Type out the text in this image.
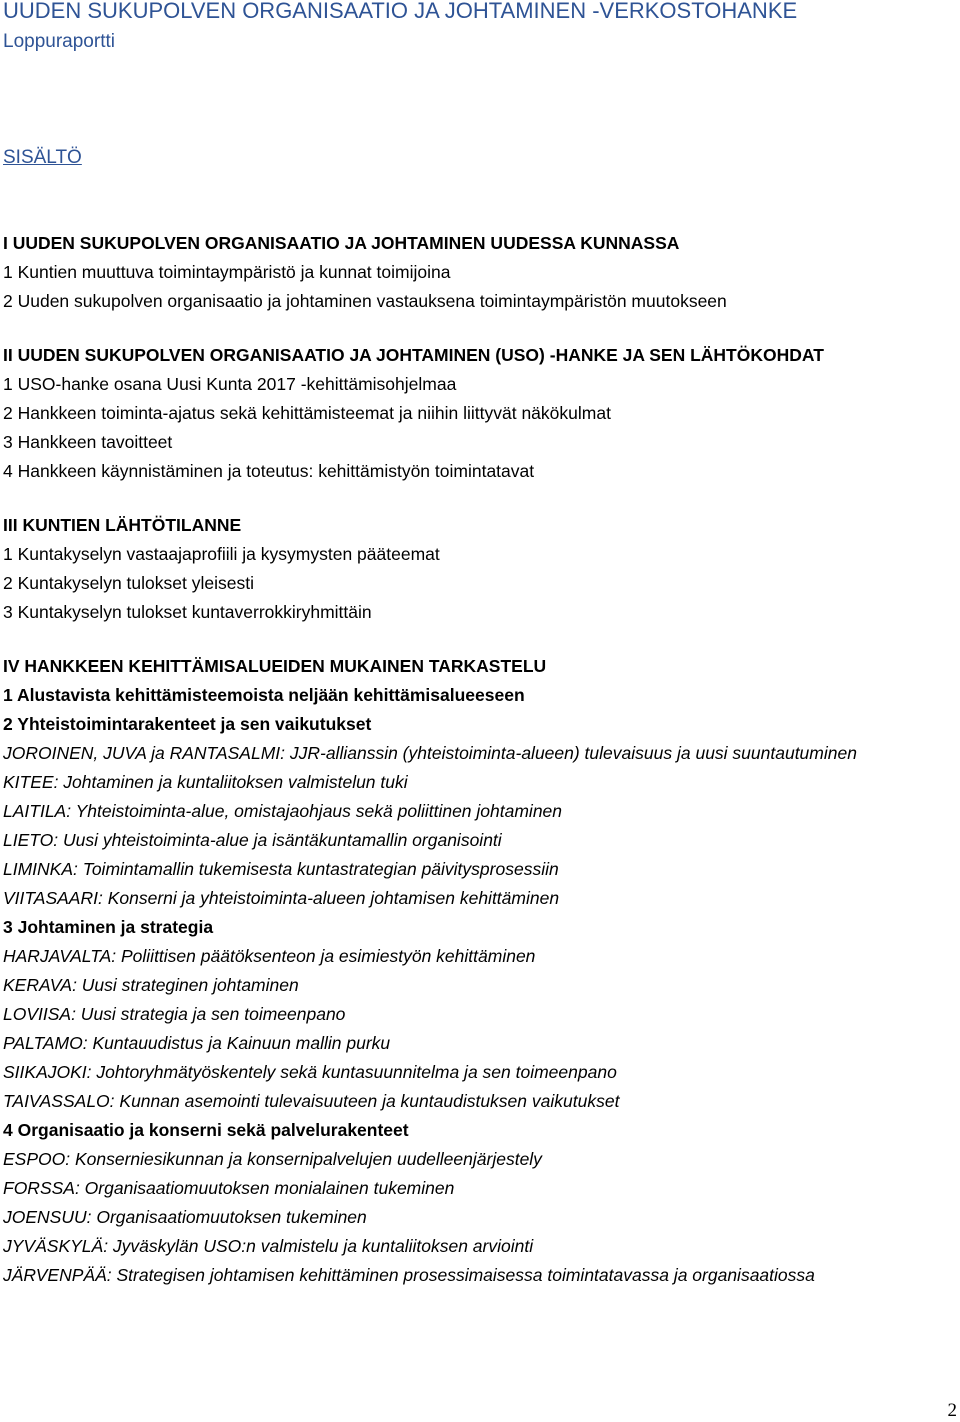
UUDEN SUKUPOLVEN ORGANISAATIO JA JOHTAMINEN -VERKOSTOHANKE
Loppuraportti
SISÄLTÖ
I UUDEN SUKUPOLVEN ORGANISAATIO JA JOHTAMINEN UUDESSA KUNNASSA
1 Kuntien muuttuva toimintaympäristö ja kunnat toimijoina
2 Uuden sukupolven organisaatio ja johtaminen vastauksena toimintaympäristön muutokseen
II UUDEN SUKUPOLVEN ORGANISAATIO JA JOHTAMINEN (USO) -HANKE JA SEN LÄHTÖKOHDAT
1 USO-hanke osana Uusi Kunta 2017 -kehittämisohjelmaa
2 Hankkeen toiminta-ajatus sekä kehittämisteemat ja niihin liittyvät näkökulmat
3 Hankkeen tavoitteet
4 Hankkeen käynnistäminen ja toteutus: kehittämistyön toimintatavat
III KUNTIEN LÄHTÖTILANNE
1 Kuntakyselyn vastaajaprofiili ja kysymysten pääteemat
2 Kuntakyselyn tulokset yleisesti
3 Kuntakyselyn tulokset kuntaverrokkiryhmittäin
IV HANKKEEN KEHITTÄMISALUEIDEN MUKAINEN TARKASTELU
1 Alustavista kehittämisteemoista neljään kehittämisalueeseen
2 Yhteistoimintarakenteet ja sen vaikutukset
JOROINEN, JUVA ja RANTASALMI: JJR-allianssin (yhteistoiminta-alueen) tulevaisuus ja uusi suuntautuminen
KITEE: Johtaminen ja kuntaliitoksen valmistelun tuki
LAITILA: Yhteistoiminta-alue, omistajaohjaus sekä poliittinen johtaminen
LIETO: Uusi yhteistoiminta-alue ja isäntäkuntamallin organisointi
LIMINKA: Toimintamallin tukemisesta kuntastrategian päivitysprosessiin
VIITASAARI: Konserni ja yhteistoiminta-alueen johtamisen kehittäminen
3 Johtaminen ja strategia
HARJAVALTA: Poliittisen päätöksenteon ja esimiestyön kehittäminen
KERAVA: Uusi strateginen johtaminen
LOVIISA: Uusi strategia ja sen toimeenpano
PALTAMO: Kuntauudistus ja Kainuun mallin purku
SIIKAJOKI: Johtoryhmätyöskentely sekä kuntasuunnitelma ja sen toimeenpano
TAIVASSALO: Kunnan asemointi tulevaisuuteen ja kuntaudistuksen vaikutukset
4 Organisaatio ja konserni sekä palvelurakenteet
ESPOO: Konserniesikunnan ja konsernipalvelujen uudelleenjärjestely
FORSSA: Organisaatiomuutoksen monialainen tukeminen
JOENSUU: Organisaatiomuutoksen tukeminen
JYVÄSKYLÄ: Jyväskylän USO:n valmistelu ja kuntaliitoksen arviointi
JÄRVENPÄÄ: Strategisen johtamisen kehittäminen prosessimaisessa toimintatavassa ja organisaatiossa
2
